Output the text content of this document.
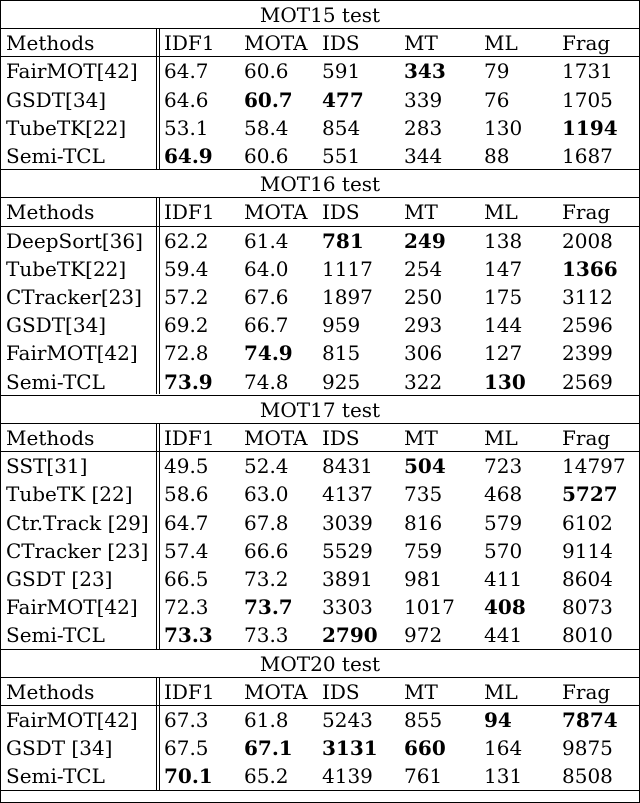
MOT15 test
Methods	IDF1 MOTA IDS MT ML Frag
FairMOT[42] 64.7 60.6 591 343 79	1731
GSDT[34]	64.6 60.7 477 339 76	1705
TubeTK[22] 53.1 58.4 854 283 130 1194
Semi-TCL	64.9 60.6 551 344 88	1687
MOT16 test
Methods	IDF1 MOTA IDS MT ML Frag
DeepSort[36] 62.2 61.4 781 249 138 2008
TubeTK[22] 59.4 64.0 1117 254 147 1366
CTracker[23] 57.2 67.6 1897 250 175 3112
GSDT[34]	69.2 66.7 959 293 144 2596
FairMOT[42] 72.8 74.9 815 306 127 2399
Semi-TCL	73.9 74.8 925 322 130 2569
MOT17 test
Methods	IDF1 MOTA IDS MT ML Frag
SST[31]	49.5 52.4 8431 504 723 14797
TubeTK [22] 58.6 63.0 4137 735 468 5727
Ctr.Track [29] 64.7 67.8 3039 816 579 6102
CTracker [23] 57.4 66.6 5529 759 570 9114
GSDT [23]	66.5 73.2 3891 981 411 8604
FairMOT[42] 72.3 73.7 3303 1017 408 8073
Semi-TCL	73.3 73.3 2790 972 441 8010
MOT20 test
Methods	IDF1 MOTA IDS MT ML Frag
FairMOT[42] 67.3 61.8 5243 855 94	7874
GSDT [34]	67.5 67.1 3131 660 164 9875
Semi-TCL	70.1 65.2 4139 761 131 8508
